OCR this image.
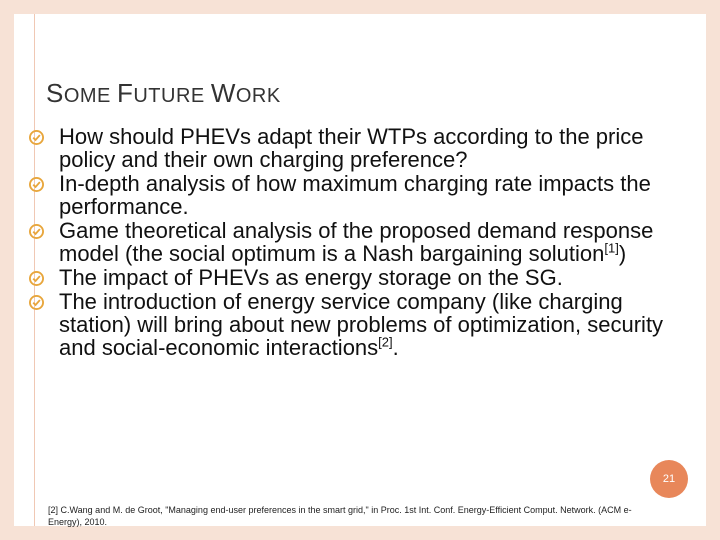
SOME FUTURE WORK
How should PHEVs adapt their WTPs according to the price policy and their own charging preference?
In-depth analysis of how maximum charging rate impacts the performance.
Game theoretical analysis of the proposed demand response model (the social optimum is a Nash bargaining solution[1])
The impact of PHEVs as energy storage on the SG.
The introduction of energy service company (like charging station) will bring about new problems of optimization, security and social-economic interactions[2].
21
[2] C.Wang and M. de Groot, "Managing end-user preferences in the smart grid," in Proc. 1st Int. Conf. Energy-Efficient Comput. Network. (ACM e-Energy), 2010.
